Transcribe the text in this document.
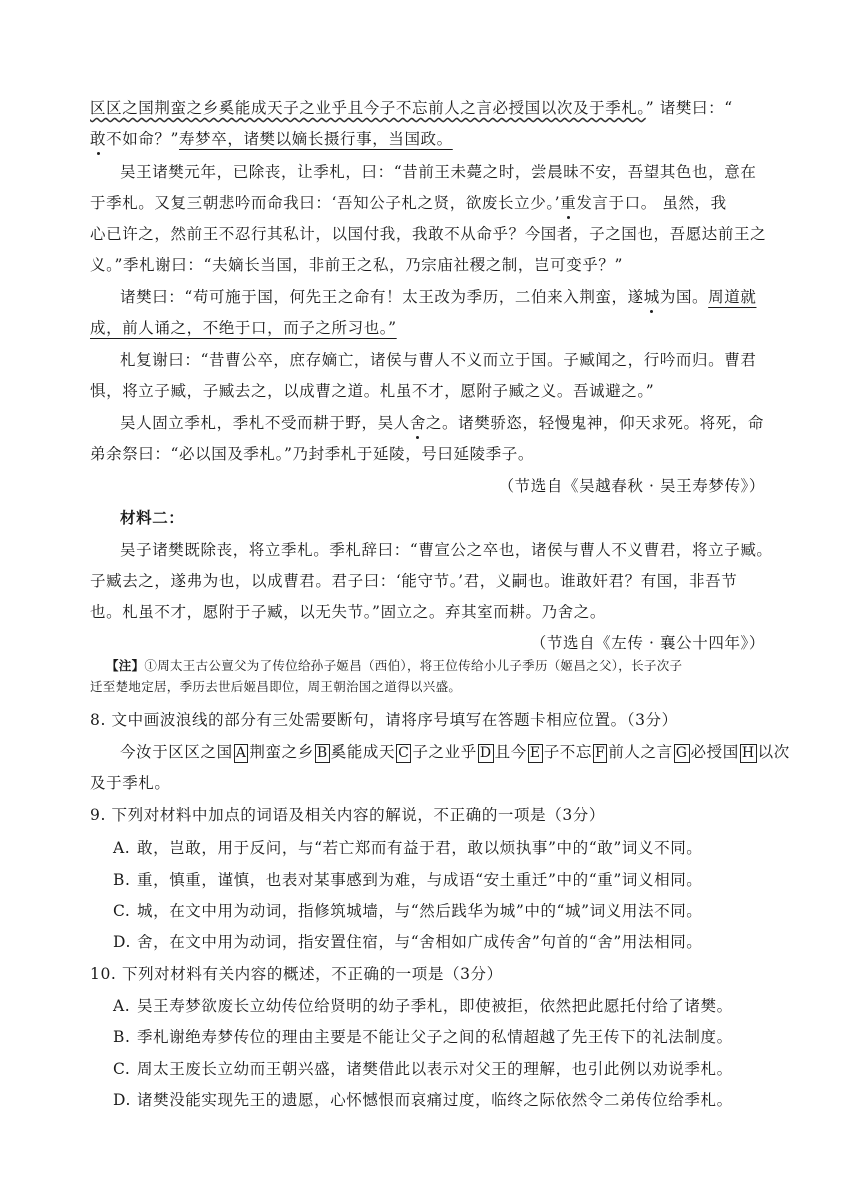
区区之国荆蛮之乡奚能成天子之业乎且今子不忘前人之言必授国以次及于季札。” 诸樊曰：“
敢不如命？”寿梦卒，诸樊以嫡长摄行事，当国政。
吴王诸樊元年，已除丧，让季札，曰：“昔前王未薨之时，尝晨昧不安，吾望其色也，意在
于季札。又复三朝悲吟而命我曰：‘吾知公子札之贤，欲废长立少。’重发言于口。 虽然，我
心已许之，然前王不忍行其私计，以国付我，我敢不从命乎？今国者，子之国也，吾愿达前王之
义。”季札谢曰：“夫嫡长当国，非前王之私，乃宗庙社稷之制，岂可变乎？”
诸樊曰：“苟可施于国，何先王之命有！太王改为季历，二伯来入荆蛮，遂城为国。周道就
成，前人诵之，不绝于口，而子之所习也。”
札复谢曰：“昔曹公卒，庶存嫡亡，诸侯与曹人不义而立于国。子臧闻之，行吟而归。曹君
惧，将立子臧，子臧去之，以成曹之道。札虽不才，愿附子臧之义。吾诚避之。”
吴人固立季札，季札不受而耕于野，吴人舍之。诸樊骄恣，轻慢鬼神，仰天求死。将死，命
弟余祭曰：“必以国及季札。”乃封季札于延陵，号曰延陵季子。
（节选自《吴越春秋 · 吴王寿梦传》）
材料二：
吴子诸樊既除丧，将立季札。季札辞曰：“曹宣公之卒也，诸侯与曹人不义曹君，将立子臧。
子臧去之，遂弗为也，以成曹君。君子曰：‘能守节。’君，义嗣也。谁敢奸君？有国，非吾节
也。札虽不才，愿附于子臧，以无失节。”固立之。弃其室而耕。乃舍之。
（节选自《左传 · 襄公十四年》）
【注】①周太王古公亶父为了传位给孙子姬昌（西伯），将王位传给小儿子季历（姬昌之父），长子次子
迁至楚地定居，季历去世后姬昌即位，周王朝治国之道得以兴盛。
8. 文中画波浪线的部分有三处需要断句，请将序号填写在答题卡相应位置。（3分）
今汝于区区之国 A 荆蛮之乡 B 奚能成天 C 子之业乎 D 且今 E 子不忘 F 前人之言 G 必授国 H 以次
及于季札。
9. 下列对材料中加点的词语及相关内容的解说，不正确的一项是（3分）
A. 敢，岂敢，用于反问，与“若亡郑而有益于君，敢以烦执事”中的“敢”词义不同。
B. 重，慎重，谨慎，也表对某事感到为难，与成语“安土重迁”中的“重”词义相同。
C. 城，在文中用为动词，指修筑城墙，与“然后践华为城”中的“城”词义用法不同。
D. 舍，在文中用为动词，指安置住宿，与“舍相如广成传舍”句首的“舍”用法相同。
10. 下列对材料有关内容的概述，不正确的一项是（3分）
A. 吴王寿梦欲废长立幼传位给贤明的幼子季札，即使被拒，依然把此愿托付给了诸樊。
B. 季札谢绝寿梦传位的理由主要是不能让父子之间的私情超越了先王传下的礼法制度。
C. 周太王废长立幼而王朝兴盛，诸樊借此以表示对父王的理解，也引此例以劝说季札。
D. 诸樊没能实现先王的遗愿，心怀憾恨而哀痛过度，临终之际依然令二弟传位给季札。
